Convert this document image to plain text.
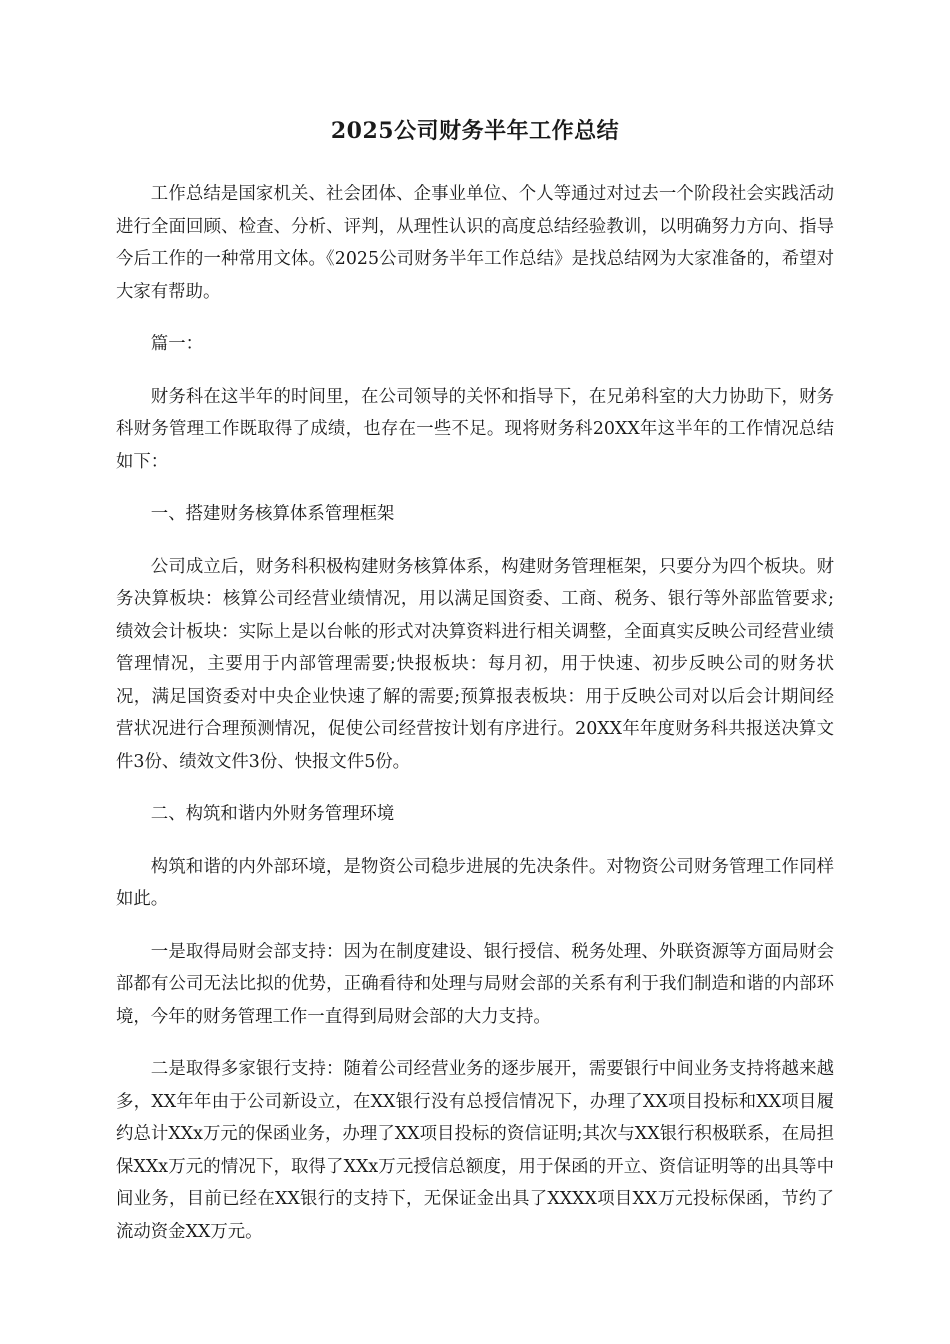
2025公司财务半年工作总结

工作总结是国家机关、社会团体、企事业单位、个人等通过对过去一个阶段社会实践活动进行全面回顾、检查、分析、评判，从理性认识的高度总结经验教训，以明确努力方向、指导今后工作的一种常用文体。《2025公司财务半年工作总结》是找总结网为大家准备的，希望对大家有帮助。

篇一：

财务科在这半年的时间里，在公司领导的关怀和指导下，在兄弟科室的大力协助下，财务科财务管理工作既取得了成绩，也存在一些不足。现将财务科20XX年这半年的工作情况总结如下：

一、搭建财务核算体系管理框架

公司成立后，财务科积极构建财务核算体系，构建财务管理框架，只要分为四个板块。财务决算板块：核算公司经营业绩情况，用以满足国资委、工商、税务、银行等外部监管要求;绩效会计板块：实际上是以台帐的形式对决算资料进行相关调整，全面真实反映公司经营业绩管理情况，主要用于内部管理需要;快报板块：每月初，用于快速、初步反映公司的财务状况，满足国资委对中央企业快速了解的需要;预算报表板块：用于反映公司对以后会计期间经营状况进行合理预测情况，促使公司经营按计划有序进行。20XX年年度财务科共报送决算文件3份、绩效文件3份、快报文件5份。

二、构筑和谐内外财务管理环境

构筑和谐的内外部环境，是物资公司稳步进展的先决条件。对物资公司财务管理工作同样如此。

一是取得局财会部支持：因为在制度建设、银行授信、税务处理、外联资源等方面局财会部都有公司无法比拟的优势，正确看待和处理与局财会部的关系有利于我们制造和谐的内部环境，今年的财务管理工作一直得到局财会部的大力支持。

二是取得多家银行支持：随着公司经营业务的逐步展开，需要银行中间业务支持将越来越多，XX年年由于公司新设立，在XX银行没有总授信情况下，办理了XX项目投标和XX项目履约总计XXx万元的保函业务，办理了XX项目投标的资信证明;其次与XX银行积极联系，在局担保XXx万元的情况下，取得了XXx万元授信总额度，用于保函的开立、资信证明等的出具等中间业务，目前已经在XX银行的支持下，无保证金出具了XXXX项目XX万元投标保函，节约了流动资金XX万元。
